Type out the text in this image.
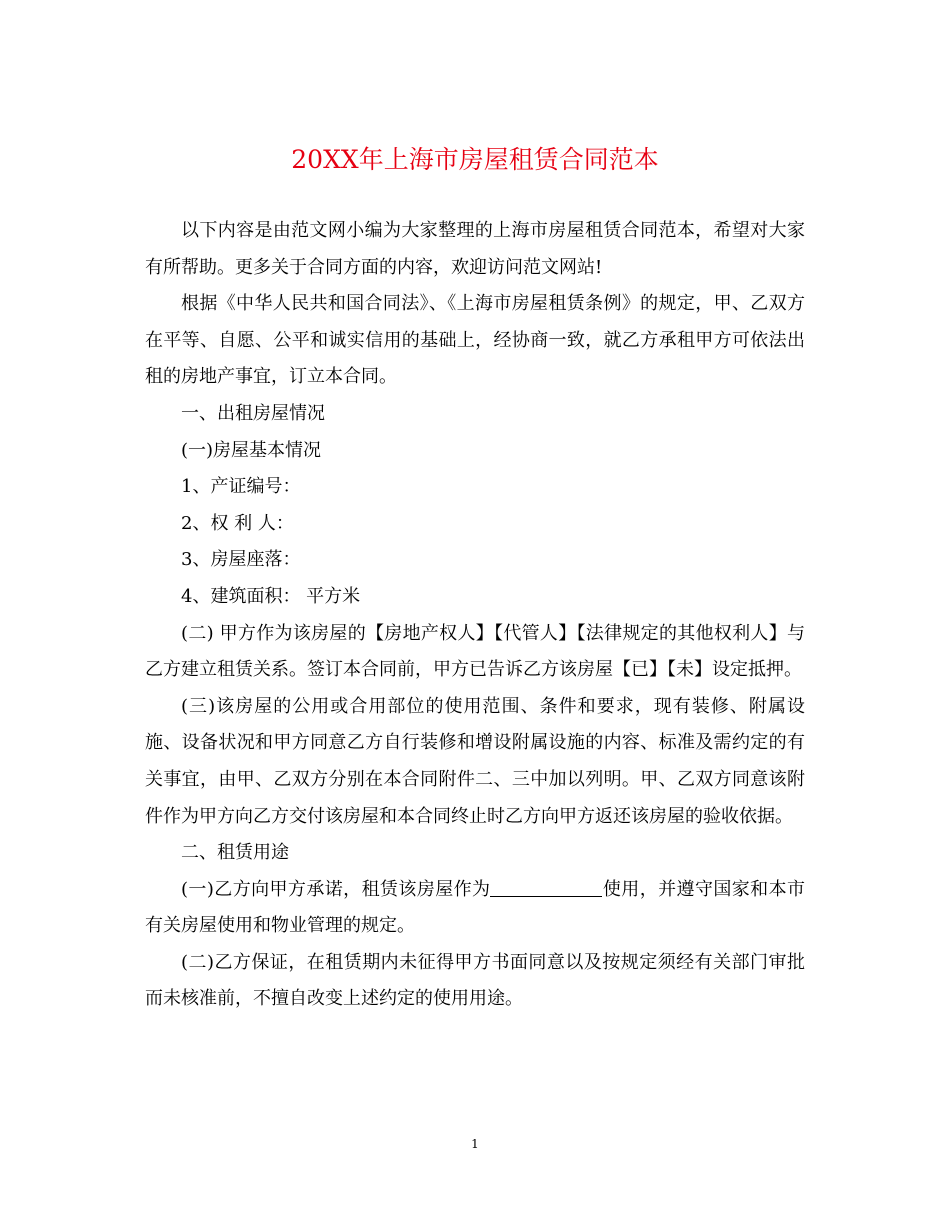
20XX年上海市房屋租赁合同范本

以下内容是由范文网小编为大家整理的上海市房屋租赁合同范本，希望对大家有所帮助。更多关于合同方面的内容，欢迎访问范文网站!

根据《中华人民共和国合同法》、《上海市房屋租赁条例》的规定，甲、乙双方在平等、自愿、公平和诚实信用的基础上，经协商一致，就乙方承租甲方可依法出租的房地产事宜，订立本合同。

一、出租房屋情况

(一)房屋基本情况

1、产证编号：

2、权 利 人：

3、房屋座落：

4、建筑面积： 平方米

(二) 甲方作为该房屋的【房地产权人】【代管人】【法律规定的其他权利人】与乙方建立租赁关系。签订本合同前，甲方已告诉乙方该房屋【已】【未】设定抵押。

(三)该房屋的公用或合用部位的使用范围、条件和要求，现有装修、附属设施、设备状况和甲方同意乙方自行装修和增设附属设施的内容、标准及需约定的有关事宜，由甲、乙双方分别在本合同附件二、三中加以列明。甲、乙双方同意该附件作为甲方向乙方交付该房屋和本合同终止时乙方向甲方返还该房屋的验收依据。

二、租赁用途

(一)乙方向甲方承诺，租赁该房屋作为	使用，并遵守国家和本市有关房屋使用和物业管理的规定。

(二)乙方保证，在租赁期内未征得甲方书面同意以及按规定须经有关部门审批而未核准前，不擅自改变上述约定的使用用途。

1
